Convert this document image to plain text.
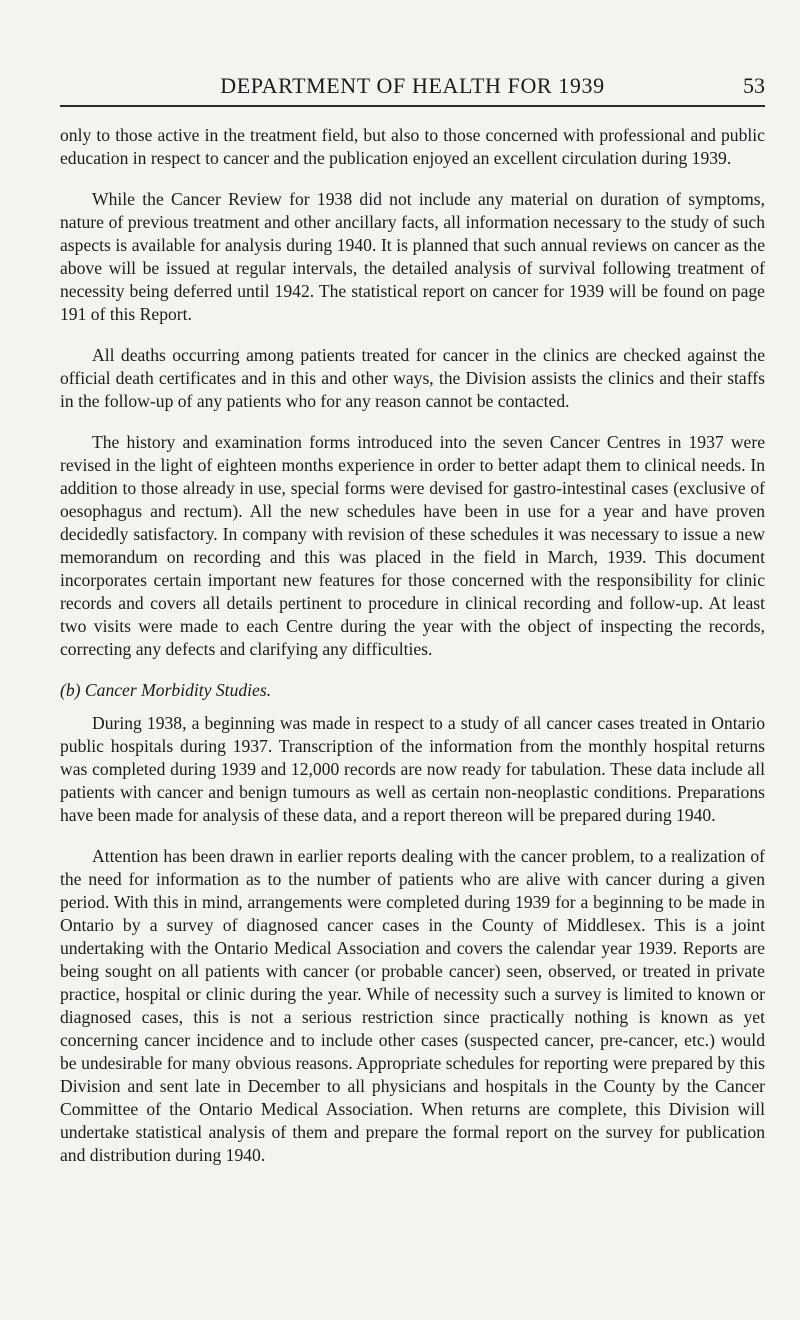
DEPARTMENT OF HEALTH FOR 1939	53

only to those active in the treatment field, but also to those concerned with professional and public education in respect to cancer and the publication enjoyed an excellent circulation during 1939.

While the Cancer Review for 1938 did not include any material on duration of symptoms, nature of previous treatment and other ancillary facts, all information necessary to the study of such aspects is available for analysis during 1940. It is planned that such annual reviews on cancer as the above will be issued at regular intervals, the detailed analysis of survival following treatment of necessity being deferred until 1942. The statistical report on cancer for 1939 will be found on page 191 of this Report.

All deaths occurring among patients treated for cancer in the clinics are checked against the official death certificates and in this and other ways, the Division assists the clinics and their staffs in the follow-up of any patients who for any reason cannot be contacted.

The history and examination forms introduced into the seven Cancer Centres in 1937 were revised in the light of eighteen months experience in order to better adapt them to clinical needs. In addition to those already in use, special forms were devised for gastro-intestinal cases (exclusive of oesophagus and rectum). All the new schedules have been in use for a year and have proven decidedly satisfactory. In company with revision of these schedules it was necessary to issue a new memorandum on recording and this was placed in the field in March, 1939. This document incorporates certain important new features for those concerned with the responsibility for clinic records and covers all details pertinent to procedure in clinical recording and follow-up. At least two visits were made to each Centre during the year with the object of inspecting the records, correcting any defects and clarifying any difficulties.

(b) Cancer Morbidity Studies.

During 1938, a beginning was made in respect to a study of all cancer cases treated in Ontario public hospitals during 1937. Transcription of the information from the monthly hospital returns was completed during 1939 and 12,000 records are now ready for tabulation. These data include all patients with cancer and benign tumours as well as certain non-neoplastic conditions. Preparations have been made for analysis of these data, and a report thereon will be prepared during 1940.

Attention has been drawn in earlier reports dealing with the cancer problem, to a realization of the need for information as to the number of patients who are alive with cancer during a given period. With this in mind, arrangements were completed during 1939 for a beginning to be made in Ontario by a survey of diagnosed cancer cases in the County of Middlesex. This is a joint undertaking with the Ontario Medical Association and covers the calendar year 1939. Reports are being sought on all patients with cancer (or probable cancer) seen, observed, or treated in private practice, hospital or clinic during the year. While of necessity such a survey is limited to known or diagnosed cases, this is not a serious restriction since practically nothing is known as yet concerning cancer incidence and to include other cases (suspected cancer, pre-cancer, etc.) would be undesirable for many obvious reasons. Appropriate schedules for reporting were prepared by this Division and sent late in December to all physicians and hospitals in the County by the Cancer Committee of the Ontario Medical Association. When returns are complete, this Division will undertake statistical analysis of them and prepare the formal report on the survey for publication and distribution during 1940.
